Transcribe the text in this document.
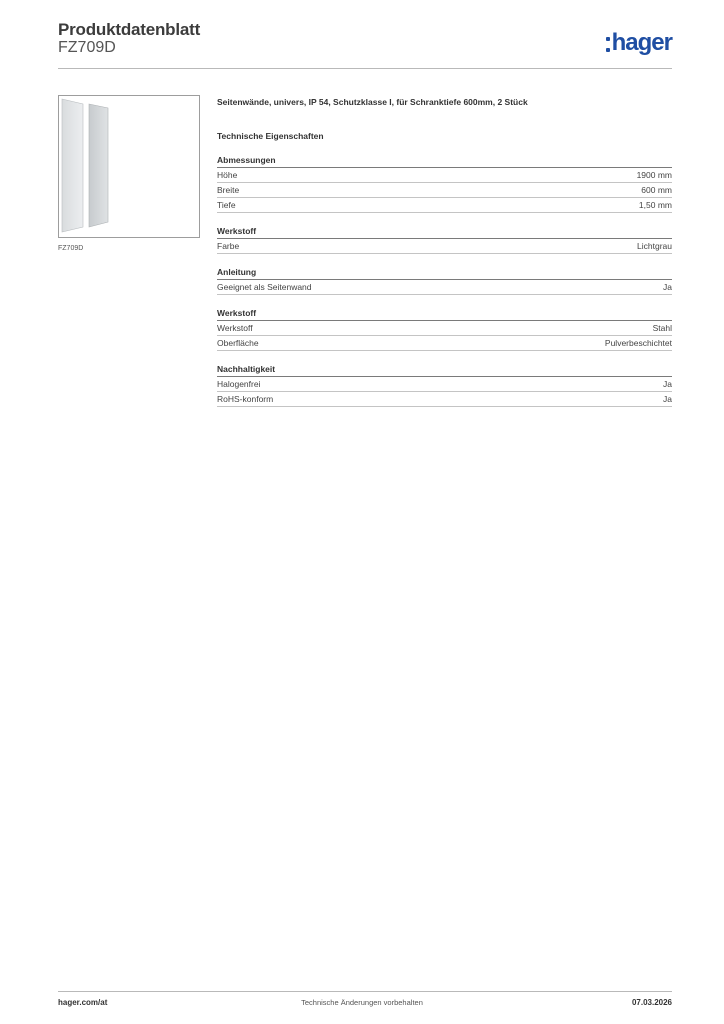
Produktdatenblatt
FZ709D	hager
FZ709D
Seitenwände, univers, IP 54, Schutzklasse I, für Schranktiefe 600mm, 2 Stück
Technische Eigenschaften
Abmessungen
Höhe	1900 mm
Breite	600 mm
Tiefe	1,50 mm
Werkstoff
Farbe	Lichtgrau
Anleitung
Geeignet als Seitenwand	Ja
Werkstoff
Werkstoff	Stahl
Oberfläche	Pulverbeschichtet
Nachhaltigkeit
Halogenfrei	Ja
RoHS-konform	Ja
hager.com/at	Technische Änderungen vorbehalten	07.03.2026
